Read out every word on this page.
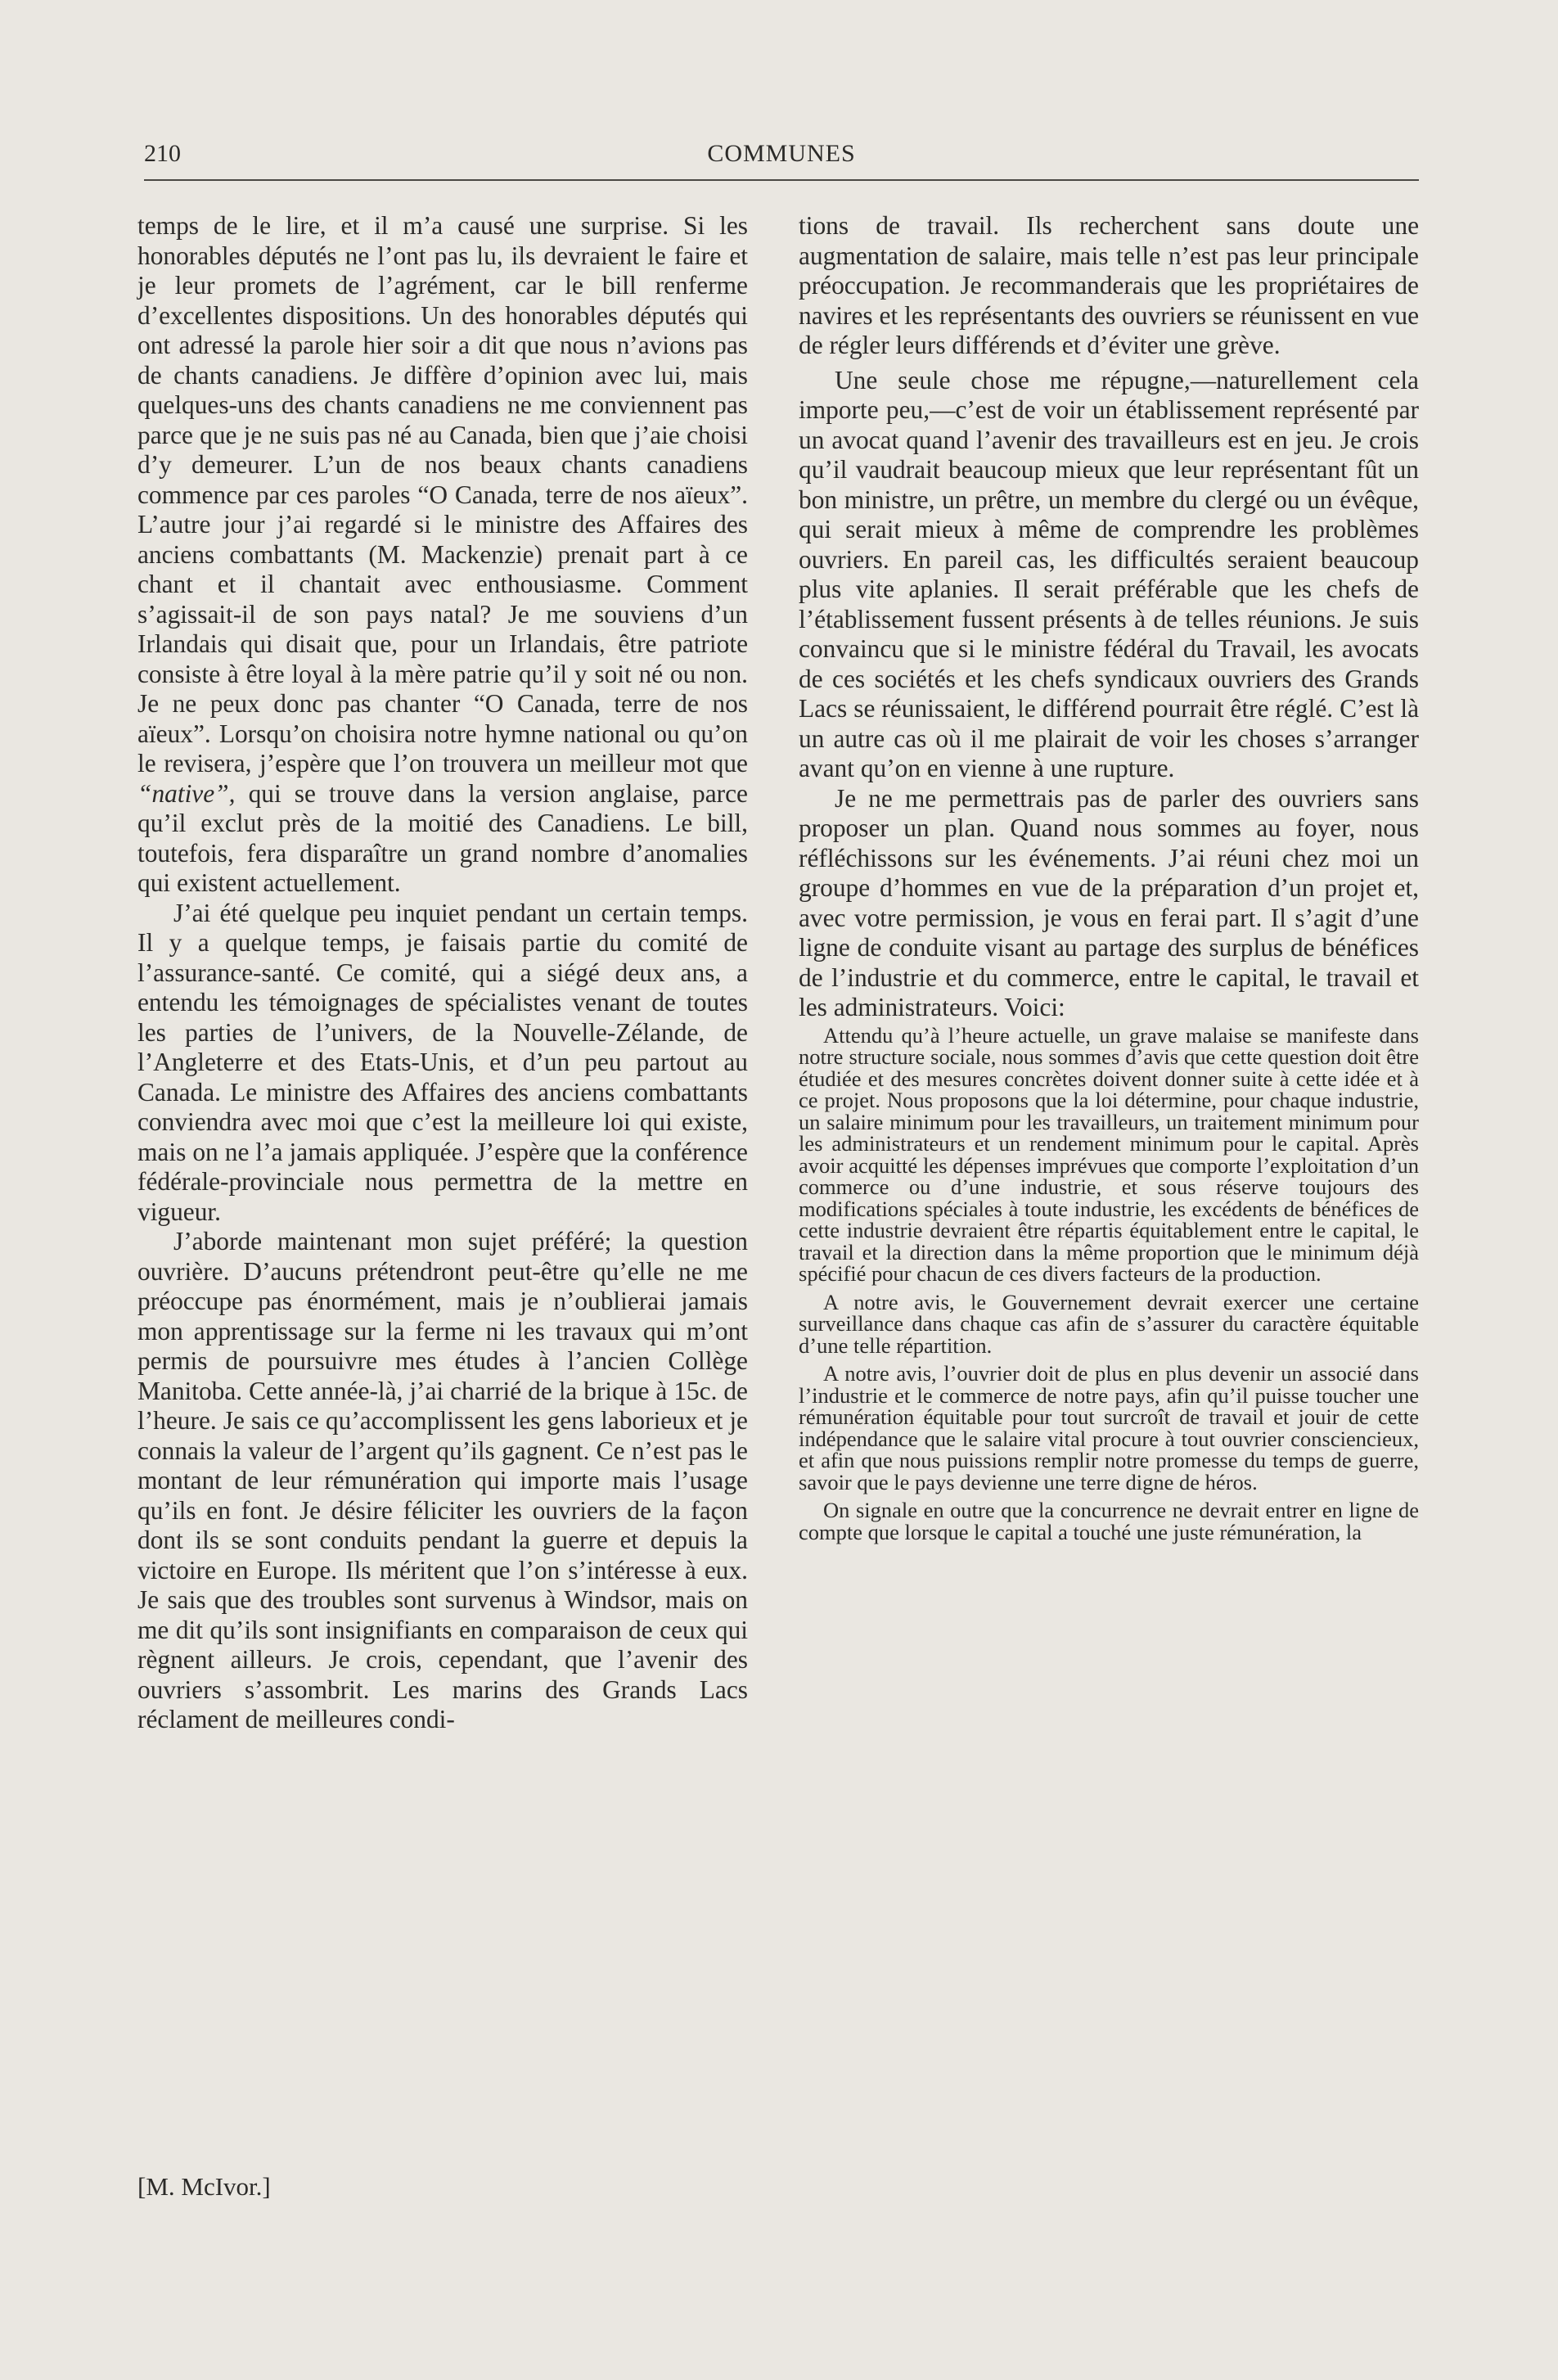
210	COMMUNES

temps de le lire, et il m’a causé une surprise. Si les honorables députés ne l’ont pas lu, ils devraient le faire et je leur promets de l’agrément, car le bill renferme d’excellentes dispositions. Un des honorables députés qui ont adressé la parole hier soir a dit que nous n’avions pas de chants canadiens. Je diffère d’opinion avec lui, mais quelques-uns des chants canadiens ne me conviennent pas parce que je ne suis pas né au Canada, bien que j’aie choisi d’y demeurer. L’un de nos beaux chants canadiens commence par ces paroles “O Canada, terre de nos aïeux”. L’autre jour j’ai regardé si le ministre des Affaires des anciens combattants (M. Mackenzie) prenait part à ce chant et il chantait avec enthousiasme. Comment s’agissait-il de son pays natal? Je me souviens d’un Irlandais qui disait que, pour un Irlandais, être patriote consiste à être loyal à la mère patrie qu’il y soit né ou non. Je ne peux donc pas chanter “O Canada, terre de nos aïeux”. Lorsqu’on choisira notre hymne national ou qu’on le revisera, j’espère que l’on trouvera un meilleur mot que “native”, qui se trouve dans la version anglaise, parce qu’il exclut près de la moitié des Canadiens. Le bill, toutefois, fera disparaître un grand nombre d’anomalies qui existent actuellement.

J’ai été quelque peu inquiet pendant un certain temps. Il y a quelque temps, je faisais partie du comité de l’assurance-santé. Ce comité, qui a siégé deux ans, a entendu les témoignages de spécialistes venant de toutes les parties de l’univers, de la Nouvelle-Zélande, de l’Angleterre et des Etats-Unis, et d’un peu partout au Canada. Le ministre des Affaires des anciens combattants conviendra avec moi que c’est la meilleure loi qui existe, mais on ne l’a jamais appliquée. J’espère que la conférence fédérale-provinciale nous permettra de la mettre en vigueur.

J’aborde maintenant mon sujet préféré; la question ouvrière. D’aucuns prétendront peut-être qu’elle ne me préoccupe pas énormément, mais je n’oublierai jamais mon apprentissage sur la ferme ni les travaux qui m’ont permis de poursuivre mes études à l’ancien Collège Manitoba. Cette année-là, j’ai charrié de la brique à 15c. de l’heure. Je sais ce qu’accomplissent les gens laborieux et je connais la valeur de l’argent qu’ils gagnent. Ce n’est pas le montant de leur rémunération qui importe mais l’usage qu’ils en font. Je désire féliciter les ouvriers de la façon dont ils se sont conduits pendant la guerre et depuis la victoire en Europe. Ils méritent que l’on s’intéresse à eux. Je sais que des troubles sont survenus à Windsor, mais on me dit qu’ils sont insignifiants en comparaison de ceux qui règnent ailleurs. Je crois, cependant, que l’avenir des ouvriers s’assombrit. Les marins des Grands Lacs réclament de meilleures condi-

tions de travail. Ils recherchent sans doute une augmentation de salaire, mais telle n’est pas leur principale préoccupation. Je recommanderais que les propriétaires de navires et les représentants des ouvriers se réunissent en vue de régler leurs différends et d’éviter une grève.

Une seule chose me répugne,—naturellement cela importe peu,—c’est de voir un établissement représenté par un avocat quand l’avenir des travailleurs est en jeu. Je crois qu’il vaudrait beaucoup mieux que leur représentant fût un bon ministre, un prêtre, un membre du clergé ou un évêque, qui serait mieux à même de comprendre les problèmes ouvriers. En pareil cas, les difficultés seraient beaucoup plus vite aplanies. Il serait préférable que les chefs de l’établissement fussent présents à de telles réunions. Je suis convaincu que si le ministre fédéral du Travail, les avocats de ces sociétés et les chefs syndicaux ouvriers des Grands Lacs se réunissaient, le différend pourrait être réglé. C’est là un autre cas où il me plairait de voir les choses s’arranger avant qu’on en vienne à une rupture.

Je ne me permettrais pas de parler des ouvriers sans proposer un plan. Quand nous sommes au foyer, nous réfléchissons sur les événements. J’ai réuni chez moi un groupe d’hommes en vue de la préparation d’un projet et, avec votre permission, je vous en ferai part. Il s’agit d’une ligne de conduite visant au partage des surplus de bénéfices de l’industrie et du commerce, entre le capital, le travail et les administrateurs. Voici:

Attendu qu’à l’heure actuelle, un grave malaise se manifeste dans notre structure sociale, nous sommes d’avis que cette question doit être étudiée et des mesures concrètes doivent donner suite à cette idée et à ce projet. Nous proposons que la loi détermine, pour chaque industrie, un salaire minimum pour les travailleurs, un traitement minimum pour les administrateurs et un rendement minimum pour le capital. Après avoir acquitté les dépenses imprévues que comporte l’exploitation d’un commerce ou d’une industrie, et sous réserve toujours des modifications spéciales à toute industrie, les excédents de bénéfices de cette industrie devraient être répartis équitablement entre le capital, le travail et la direction dans la même proportion que le minimum déjà spécifié pour chacun de ces divers facteurs de la production.

A notre avis, le Gouvernement devrait exercer une certaine surveillance dans chaque cas afin de s’assurer du caractère équitable d’une telle répartition.

A notre avis, l’ouvrier doit de plus en plus devenir un associé dans l’industrie et le commerce de notre pays, afin qu’il puisse toucher une rémunération équitable pour tout surcroît de travail et jouir de cette indépendance que le salaire vital procure à tout ouvrier consciencieux, et afin que nous puissions remplir notre promesse du temps de guerre, savoir que le pays devienne une terre digne de héros.

On signale en outre que la concurrence ne devrait entrer en ligne de compte que lorsque le capital a touché une juste rémunération, la

[M. McIvor.]
